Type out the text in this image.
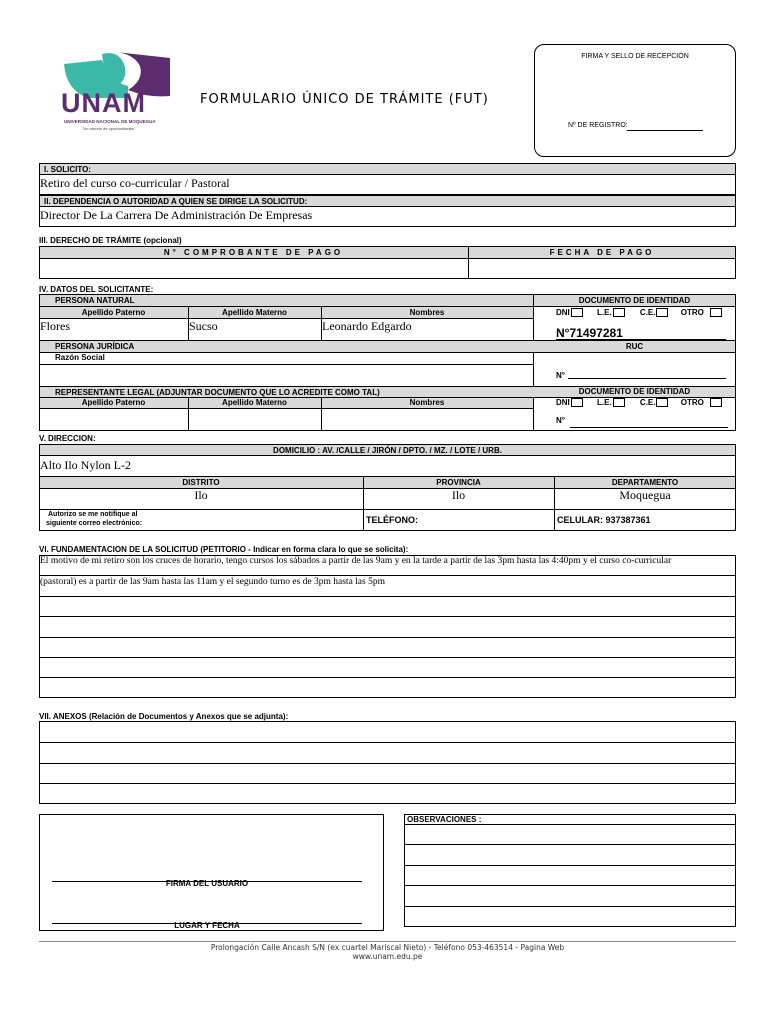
UNAM
UNIVERSIDAD NACIONAL DE MOQUEGUA
"Un mundo de oportunidades"
FORMULARIO ÚNICO DE TRÁMITE (FUT)
FIRMA Y SELLO DE RECEPCIÓN
Nº DE REGISTRO:
I. SOLICITO:
Retiro del curso co-curricular / Pastoral
II. DEPENDENCIA O AUTORIDAD A QUIEN SE DIRIGE LA SOLICITUD:
Director De La Carrera De Administración De Empresas
III. DERECHO DE TRÁMITE (opcional)
N° COMPROBANTE DE PAGO	FECHA DE PAGO
IV. DATOS DEL SOLICITANTE:
PERSONA NATURAL	DOCUMENTO DE IDENTIDAD
Apellido Paterno	Apellido Materno	Nombres	DNI	L.E.	C.E.	OTRO
Flores	Sucso	Leonardo Edgardo	N°71497281
PERSONA JURÍDICA	RUC
Razón Social
N°
REPRESENTANTE LEGAL (ADJUNTAR DOCUMENTO QUE LO ACREDITE COMO TAL)	DOCUMENTO DE IDENTIDAD
Apellido Paterno	Apellido Materno	Nombres	DNI	L.E.	C.E.	OTRO
N°
V. DIRECCION:
DOMICILIO : AV. /CALLE / JIRÓN / DPTO. / MZ. / LOTE / URB.
Alto Ilo Nylon L-2
DISTRITO	PROVINCIA	DEPARTAMENTO
Ilo	Ilo	Moquegua
Autorizo se me notifique al
siguiente correo electrónico:	TELÉFONO:	CELULAR: 937387361
VI. FUNDAMENTACION DE LA SOLICITUD (PETITORIO - Indicar en forma clara lo que se solicita):
El motivo de mi retiro son los cruces de horario, tengo cursos los sábados a partir de las 9am y en la tarde a partir de las 3pm hasta las 4:40pm y el curso co-curricular
(pastoral) es a partir de las 9am hasta las 11am y el segundo turno es de 3pm hasta las 5pm
VII. ANEXOS (Relación de Documentos y Anexos que se adjunta):
FIRMA DEL USUARIO
LUGAR Y FECHA
OBSERVACIONES :
Prolongación Calle Ancash S/N (ex cuartel Mariscal Nieto) - Teléfono 053-463514 - Pagina Web
www.unam.edu.pe
